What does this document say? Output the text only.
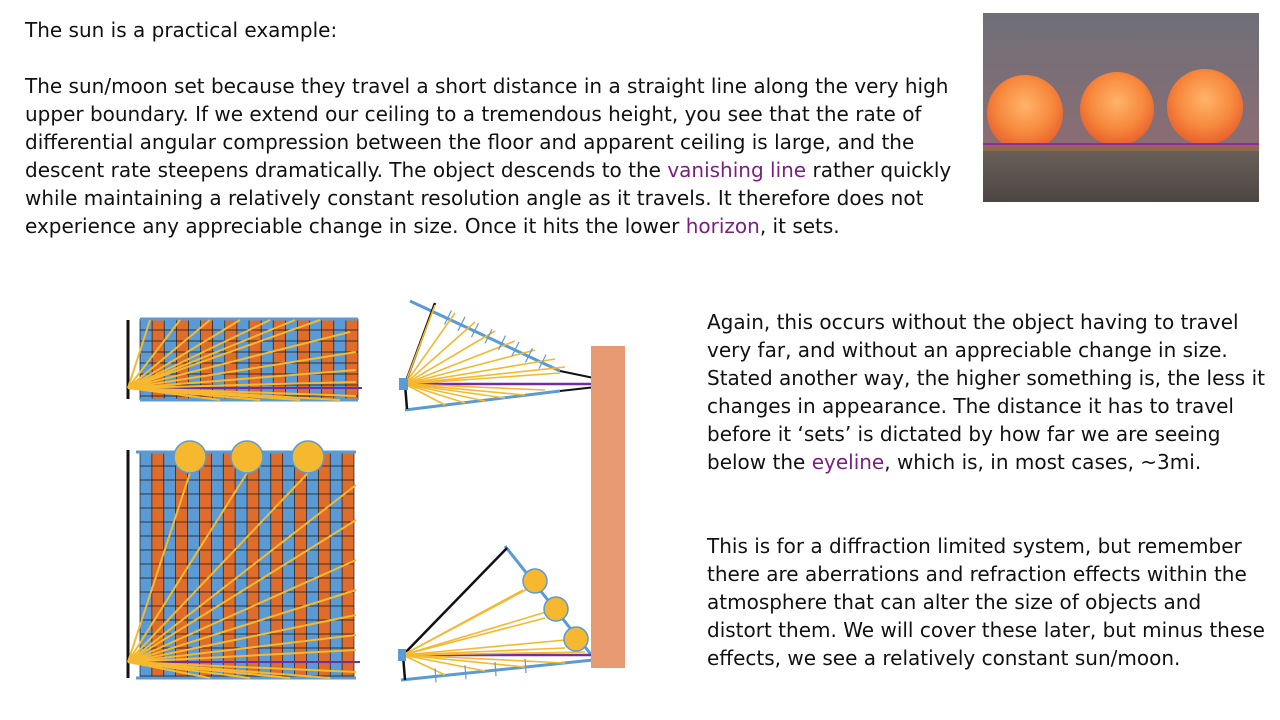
The sun is a practical example:

The sun/moon set because they travel a short distance in a straight line along the very high upper boundary. If we extend our ceiling to a tremendous height, you see that the rate of differential angular compression between the floor and apparent ceiling is large, and the descent rate steepens dramatically. The object descends to the vanishing line rather quickly while maintaining a relatively constant resolution angle as it travels. It therefore does not experience any appreciable change in size. Once it hits the lower horizon, it sets.

Again, this occurs without the object having to travel very far, and without an appreciable change in size. Stated another way, the higher something is, the less it changes in appearance. The distance it has to travel before it ‘sets’ is dictated by how far we are seeing below the eyeline, which is, in most cases, ~3mi.

This is for a diffraction limited system, but remember there are aberrations and refraction effects within the atmosphere that can alter the size of objects and distort them. We will cover these later, but minus these effects, we see a relatively constant sun/moon.
